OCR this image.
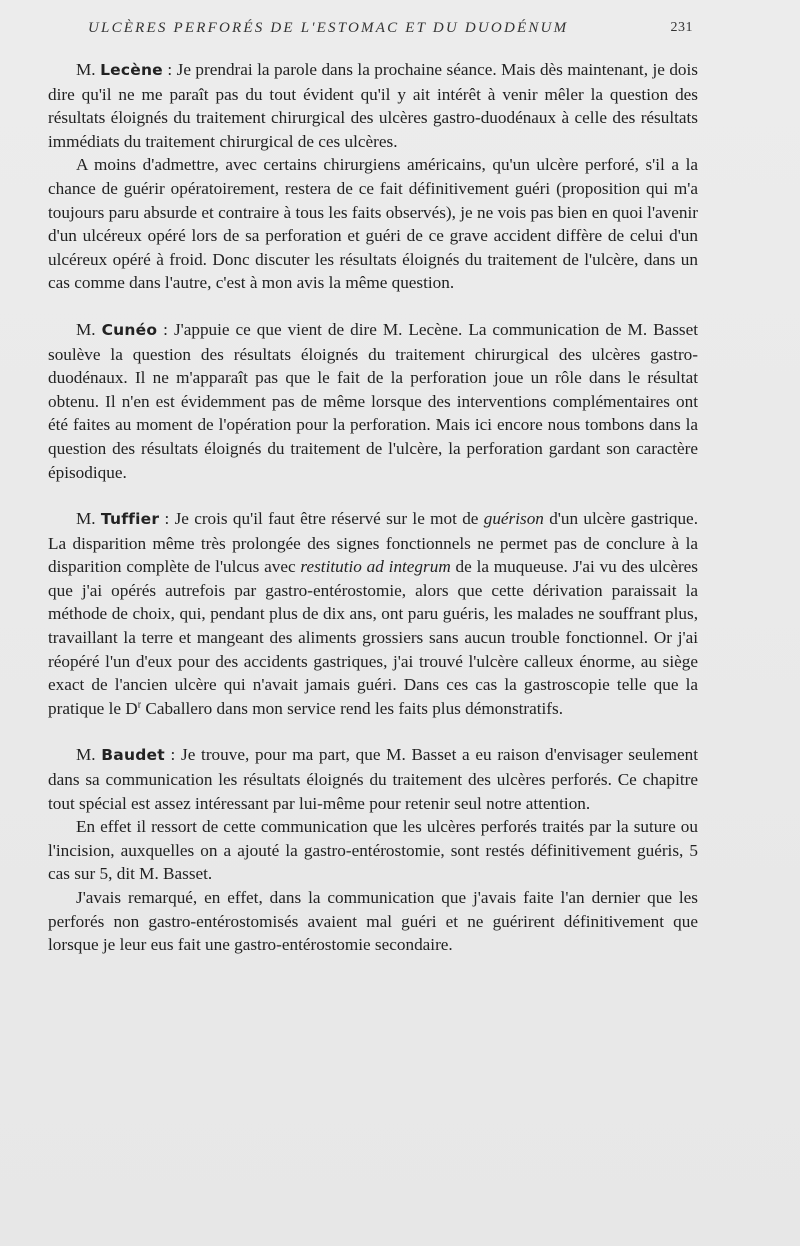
ULCÈRES PERFORÉS DE L'ESTOMAC ET DU DUODÉNUM	231

M. Lecène : Je prendrai la parole dans la prochaine séance. Mais dès maintenant, je dois dire qu'il ne me paraît pas du tout évident qu'il y ait intérêt à venir mêler la question des résultats éloignés du traitement chirurgical des ulcères gastro-duodénaux à celle des résultats immédiats du traitement chirurgical de ces ulcères.

A moins d'admettre, avec certains chirurgiens américains, qu'un ulcère perforé, s'il a la chance de guérir opératoirement, restera de ce fait définitivement guéri (proposition qui m'a toujours paru absurde et contraire à tous les faits observés), je ne vois pas bien en quoi l'avenir d'un ulcéreux opéré lors de sa perforation et guéri de ce grave accident diffère de celui d'un ulcéreux opéré à froid. Donc discuter les résultats éloignés du traitement de l'ulcère, dans un cas comme dans l'autre, c'est à mon avis la même question.

M. Cunéo : J'appuie ce que vient de dire M. Lecène. La communication de M. Basset soulève la question des résultats éloignés du traitement chirurgical des ulcères gastro-duodénaux. Il ne m'apparaît pas que le fait de la perforation joue un rôle dans le résultat obtenu. Il n'en est évidemment pas de même lorsque des interventions complémentaires ont été faites au moment de l'opération pour la perforation. Mais ici encore nous tombons dans la question des résultats éloignés du traitement de l'ulcère, la perforation gardant son caractère épisodique.

M. Tuffier : Je crois qu'il faut être réservé sur le mot de guérison d'un ulcère gastrique. La disparition même très prolongée des signes fonctionnels ne permet pas de conclure à la disparition complète de l'ulcus avec restitutio ad integrum de la muqueuse. J'ai vu des ulcères que j'ai opérés autrefois par gastro-entérostomie, alors que cette dérivation paraissait la méthode de choix, qui, pendant plus de dix ans, ont paru guéris, les malades ne souffrant plus, travaillant la terre et mangeant des aliments grossiers sans aucun trouble fonctionnel. Or j'ai réopéré l'un d'eux pour des accidents gastriques, j'ai trouvé l'ulcère calleux énorme, au siège exact de l'ancien ulcère qui n'avait jamais guéri. Dans ces cas la gastroscopie telle que la pratique le $D^r$ Caballero dans mon service rend les faits plus démonstratifs.

M. Baudet : Je trouve, pour ma part, que M. Basset a eu raison d'envisager seulement dans sa communication les résultats éloignés du traitement des ulcères perforés. Ce chapitre tout spécial est assez intéressant par lui-même pour retenir seul notre attention.

En effet il ressort de cette communication que les ulcères perforés traités par la suture ou l'incision, auxquelles on a ajouté la gastro-entérostomie, sont restés définitivement guéris, 5 cas sur 5, dit M. Basset.

J'avais remarqué, en effet, dans la communication que j'avais faite l'an dernier que les perforés non gastro-entérostomisés avaient mal guéri et ne guérirent définitivement que lorsque je leur eus fait une gastro-entérostomie secondaire.
